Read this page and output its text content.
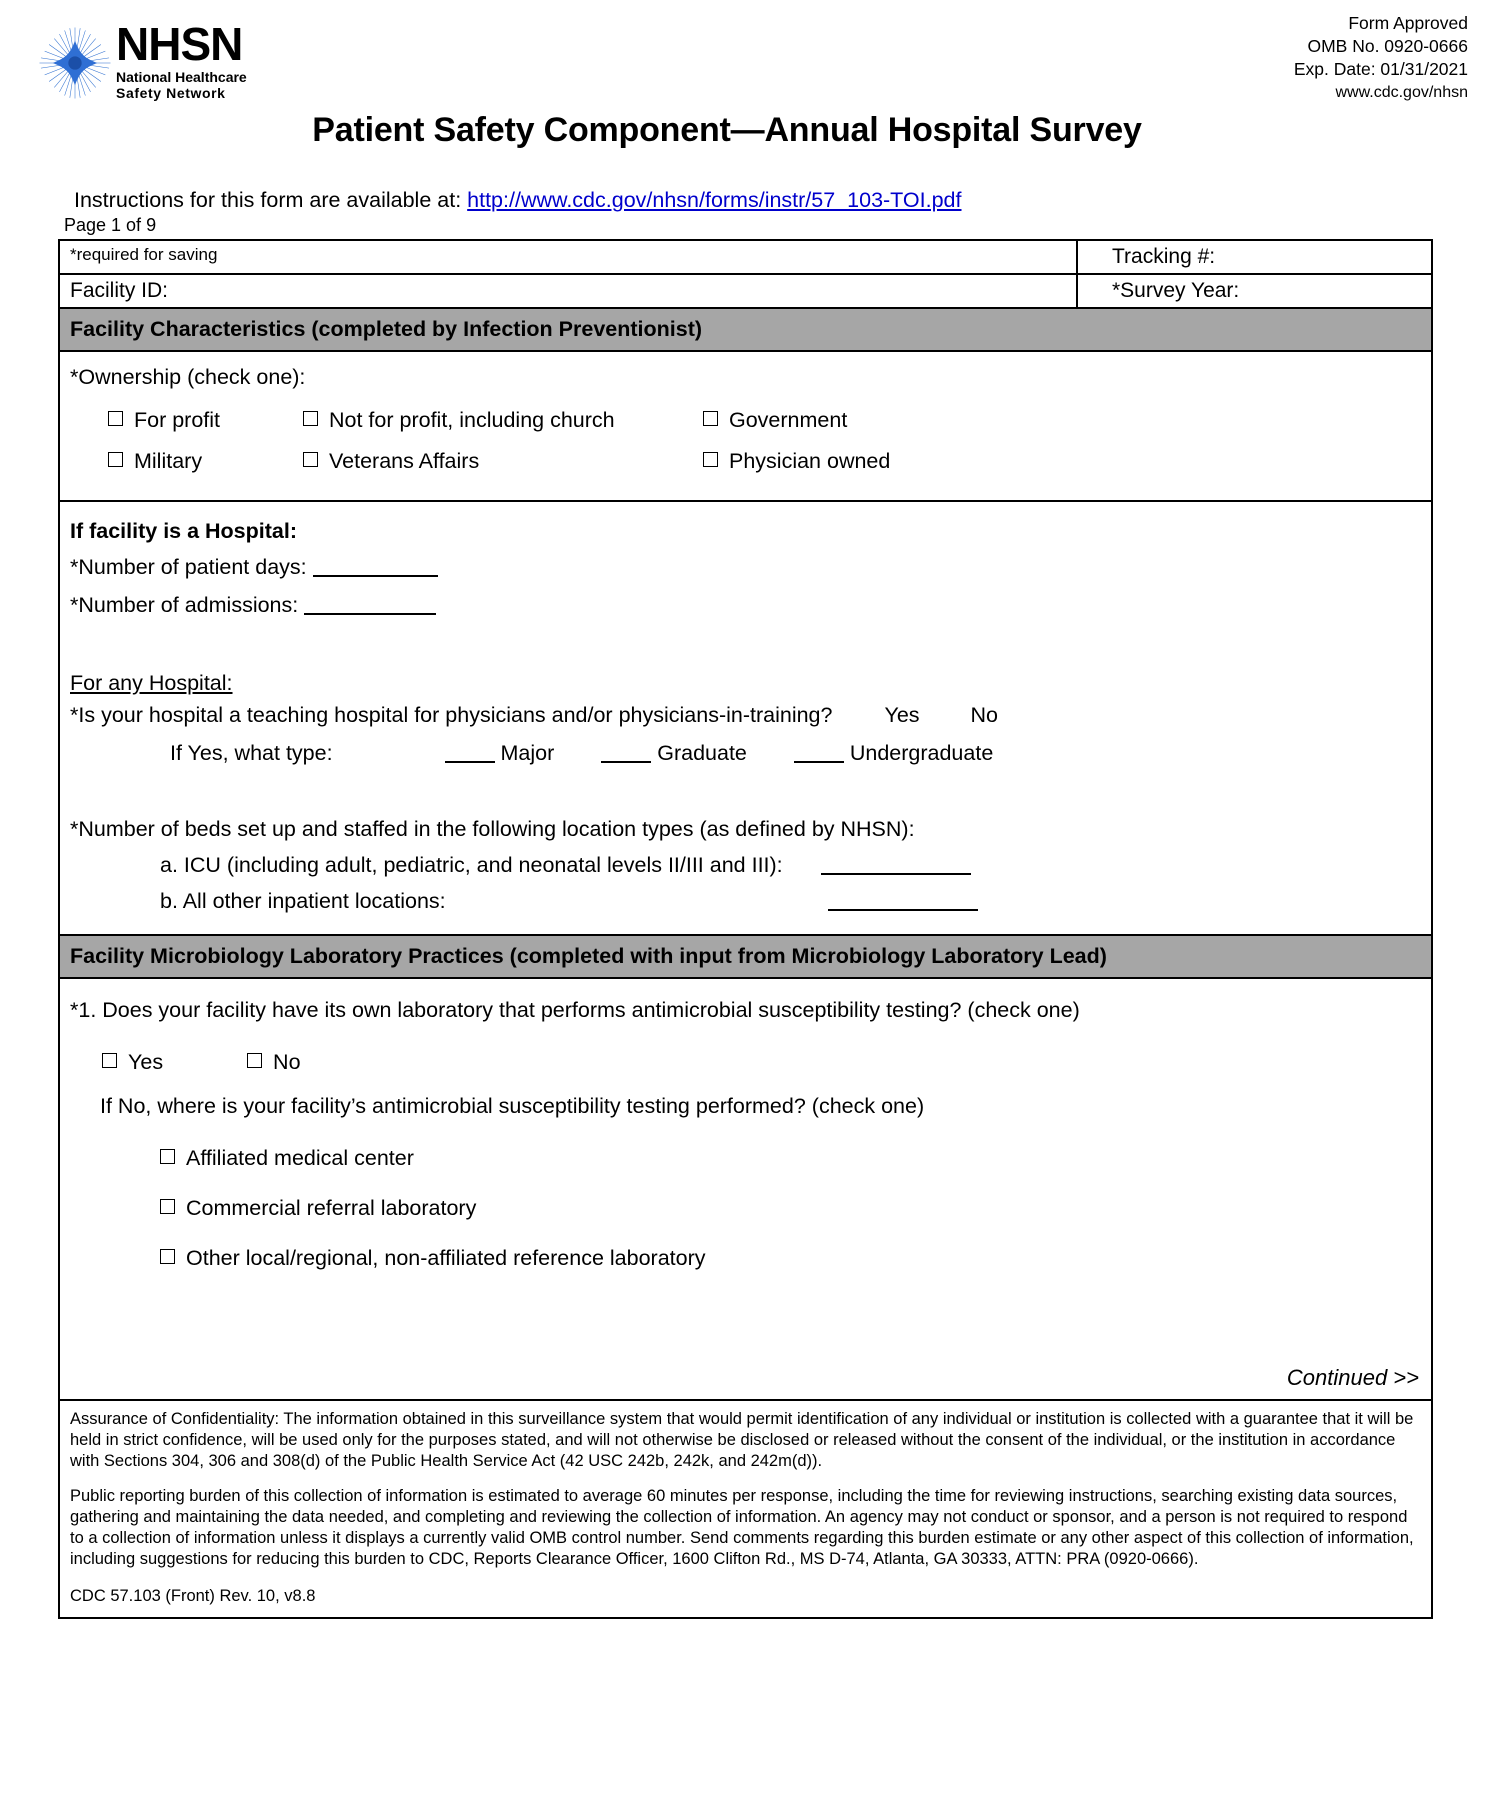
NHSN
National Healthcare
Safety Network
Form Approved
OMB No. 0920-0666
Exp. Date: 01/31/2021
www.cdc.gov/nhsn
Patient Safety Component—Annual Hospital Survey
Instructions for this form are available at: http://www.cdc.gov/nhsn/forms/instr/57_103-TOI.pdf
Page 1 of 9
*required for saving	Tracking #:
Facility ID:	*Survey Year:
Facility Characteristics (completed by Infection Preventionist)
*Ownership (check one):
For profit	Not for profit, including church	Government
Military	Veterans Affairs	Physician owned
If facility is a Hospital:
*Number of patient days:
*Number of admissions:
For any Hospital:
*Is your hospital a teaching hospital for physicians and/or physicians-in-training? Yes No
If Yes, what type:	Major	Graduate	Undergraduate
*Number of beds set up and staffed in the following location types (as defined by NHSN):
a. ICU (including adult, pediatric, and neonatal levels II/III and III):
b. All other inpatient locations:
Facility Microbiology Laboratory Practices (completed with input from Microbiology Laboratory Lead)
*1. Does your facility have its own laboratory that performs antimicrobial susceptibility testing? (check one)
Yes	No
If No, where is your facility’s antimicrobial susceptibility testing performed? (check one)
Affiliated medical center
Commercial referral laboratory
Other local/regional, non-affiliated reference laboratory
Continued >>

Assurance of Confidentiality: The information obtained in this surveillance system that would permit identification of any individual or institution is collected with a guarantee that it will be held in strict confidence, will be used only for the purposes stated, and will not otherwise be disclosed or released without the consent of the individual, or the institution in accordance with Sections 304, 306 and 308(d) of the Public Health Service Act (42 USC 242b, 242k, and 242m(d)).

Public reporting burden of this collection of information is estimated to average 60 minutes per response, including the time for reviewing instructions, searching existing data sources, gathering and maintaining the data needed, and completing and reviewing the collection of information. An agency may not conduct or sponsor, and a person is not required to respond to a collection of information unless it displays a currently valid OMB control number. Send comments regarding this burden estimate or any other aspect of this collection of information, including suggestions for reducing this burden to CDC, Reports Clearance Officer, 1600 Clifton Rd., MS D-74, Atlanta, GA 30333, ATTN: PRA (0920-0666).

CDC 57.103 (Front) Rev. 10, v8.8
